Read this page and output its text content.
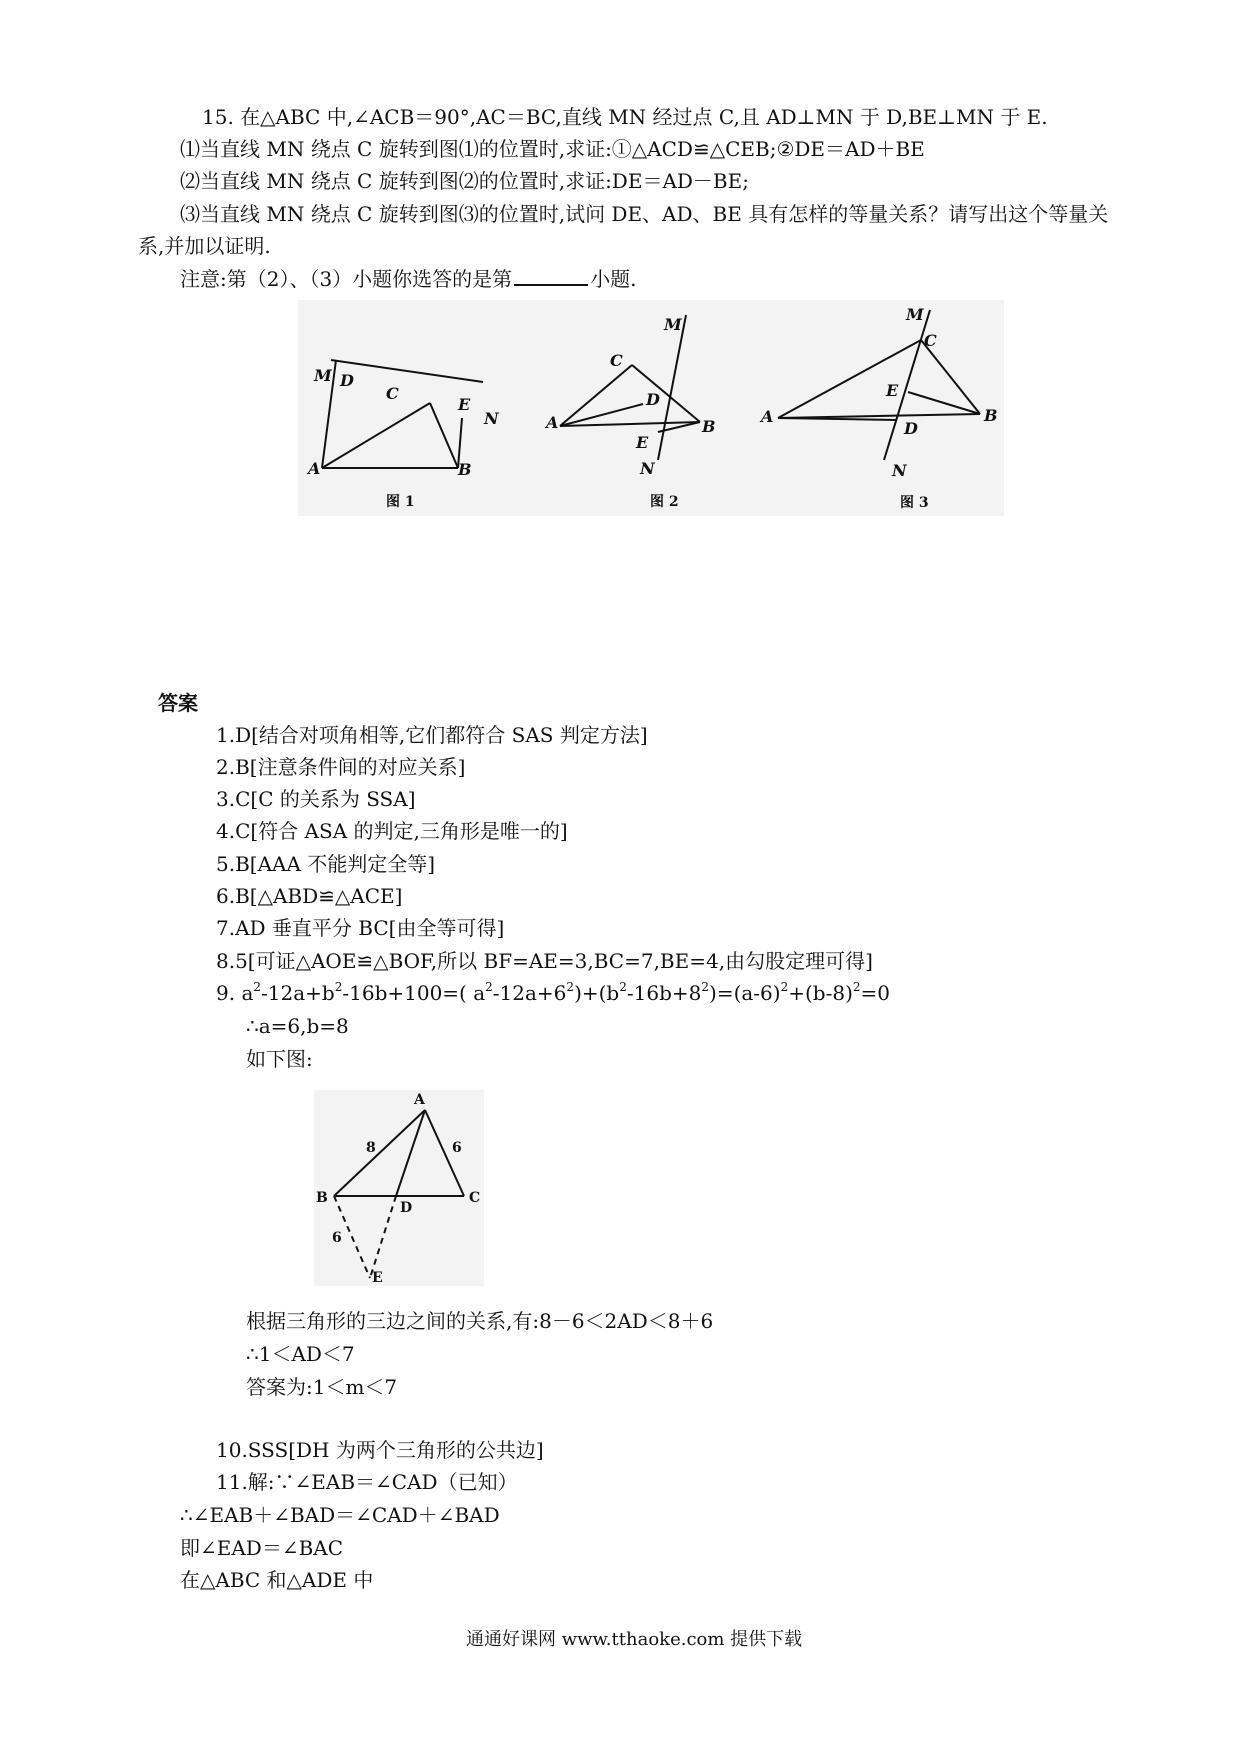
15. 在△ABC 中,∠ACB＝90°,AC＝BC,直线 MN 经过点 C,且 AD⊥MN 于 D,BE⊥MN 于 E.
⑴当直线 MN 绕点 C 旋转到图⑴的位置时,求证:①△ACD≌△CEB;②DE＝AD＋BE
⑵当直线 MN 绕点 C 旋转到图⑵的位置时,求证:DE＝AD－BE;
⑶当直线 MN 绕点 C 旋转到图⑶的位置时,试问 DE、AD、BE 具有怎样的等量关系？请写出这个等量关
系,并加以证明.
注意:第（2）、（3）小题你选答的是第	小题.
M D
C
E
N
A	B
图 1
M
C
D
A	B
E
N
图 2
M
C
E
A	B
D
N
图 3
答案
1.D[结合对项角相等,它们都符合 SAS 判定方法]
2.B[注意条件间的对应关系]
3.C[C 的关系为 SSA]
4.C[符合 ASA 的判定,三角形是唯一的]
5.B[AAA 不能判定全等]
6.B[△ABD≌△ACE]
7.AD 垂直平分 BC[由全等可得]
8.5[可证△AOE≌△BOF,所以 BF=AE=3,BC=7,BE=4,由勾股定理可得]
9. $a^2-12a+b^2-16b+100=$( $a^2-12a+6^2)+(b^2-16b+8^2)=(a-6)^2+(b-8)^2=0$
∴a=6,b=8
如下图:
A
B	C
D
E
8	6
6
根据三角形的三边之间的关系,有:8－6＜2AD＜8＋6
∴1＜AD＜7
答案为:1＜m＜7
10.SSS[DH 为两个三角形的公共边]
11.解:∵∠EAB＝∠CAD（已知）
∴∠EAB＋∠BAD＝∠CAD＋∠BAD
即∠EAD＝∠BAC
在△ABC 和△ADE 中
通通好课网 www.tthaoke.com 提供下载
